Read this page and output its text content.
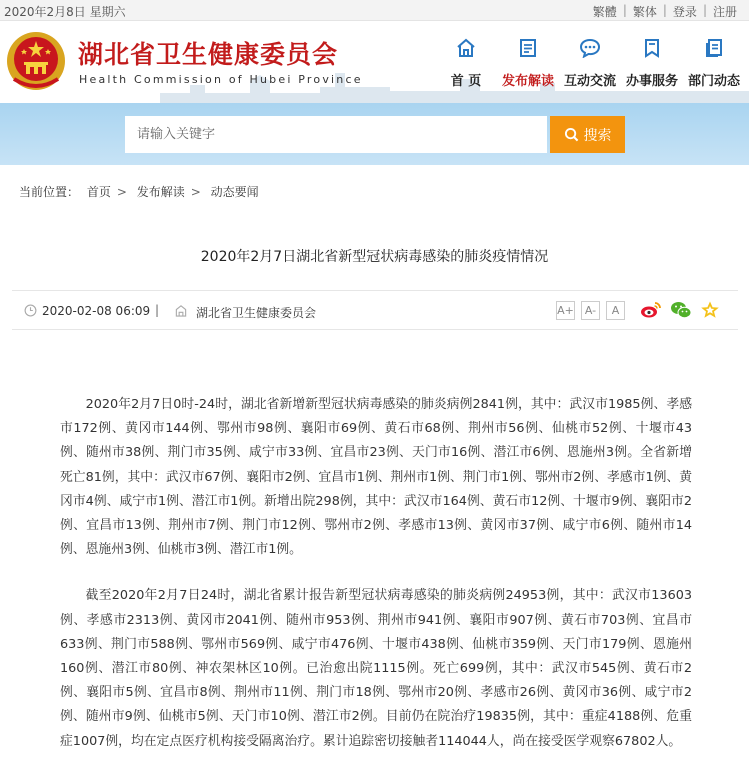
2020年2月8日 星期六	繁體 | 繁体 | 登录 | 注册
湖北省卫生健康委员会
Health Commission of Hubei Province	首 页	发布解读 互动交流 办事服务 部门动态
请输入关键字	搜索
当前位置： 首页 > 发布解读 > 动态要闻
2020年2月7日湖北省新型冠状病毒感染的肺炎疫情情况
2020-02-08 06:09 |	湖北省卫生健康委员会	A+ A-	A

2020年2月7日0时-24时，湖北省新增新型冠状病毒感染的肺炎病例2841例，其中：武汉市1985例、孝感市172例、黄冈市144例、鄂州市98例、襄阳市69例、黄石市68例、荆州市56例、仙桃市52例、十堰市43例、随州市38例、荆门市35例、咸宁市33例、宜昌市23例、天门市16例、潜江市6例、恩施州3例。全省新增死亡81例，其中：武汉市67例、襄阳市2例、宜昌市1例、荆州市1例、荆门市1例、鄂州市2例、孝感市1例、黄冈市4例、咸宁市1例、潜江市1例。新增出院298例，其中：武汉市164例、黄石市12例、十堰市9例、襄阳市2例、宜昌市13例、荆州市7例、荆门市12例、鄂州市2例、孝感市13例、黄冈市37例、咸宁市6例、随州市14例、恩施州3例、仙桃市3例、潜江市1例。

截至2020年2月7日24时，湖北省累计报告新型冠状病毒感染的肺炎病例24953例，其中：武汉市13603例、孝感市2313例、黄冈市2041例、随州市953例、荆州市941例、襄阳市907例、黄石市703例、宜昌市633例、荆门市588例、鄂州市569例、咸宁市476例、十堰市438例、仙桃市359例、天门市179例、恩施州160例、潜江市80例、神农架林区10例。已治愈出院1115例。死亡699例，其中：武汉市545例、黄石市2例、襄阳市5例、宜昌市8例、荆州市11例、荆门市18例、鄂州市20例、孝感市26例、黄冈市36例、咸宁市2例、随州市9例、仙桃市5例、天门市10例、潜江市2例。目前仍在院治疗19835例，其中：重症4188例、危重症1007例，均在定点医疗机构接受隔离治疗。累计追踪密切接触者114044人，尚在接受医学观察67802人。
